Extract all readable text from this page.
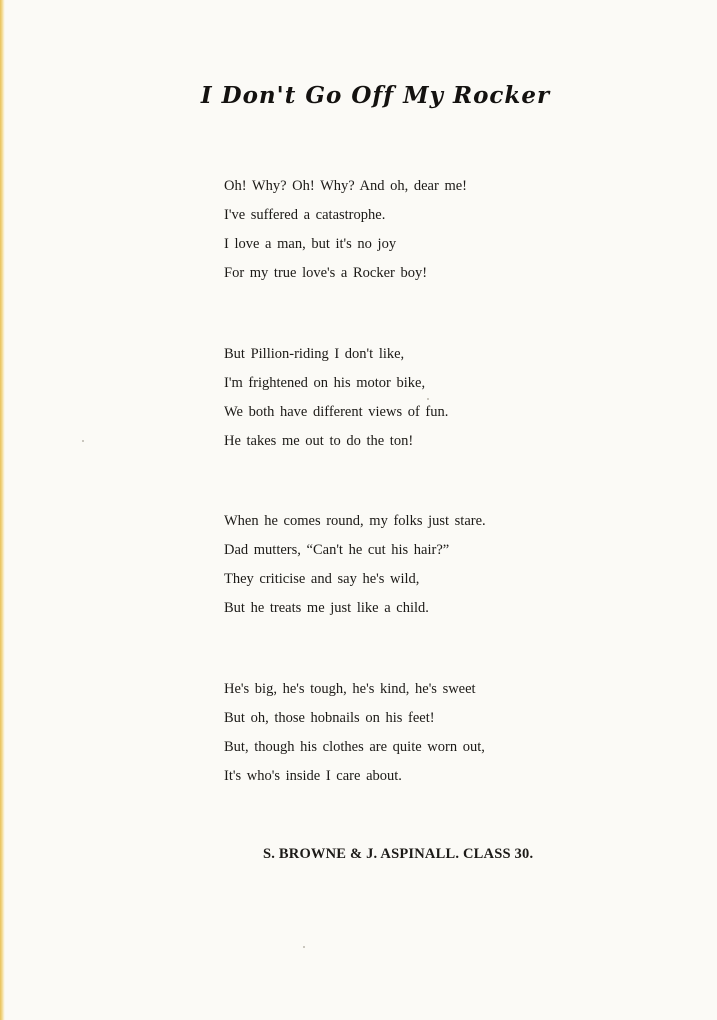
I Don't Go Off My Rocker
Oh! Why? Oh! Why? And oh, dear me!
I've suffered a catastrophe.
I love a man, but it's no joy
For my true love's a Rocker boy!
But Pillion-riding I don't like,
I'm frightened on his motor bike,
We both have different views of fun.
He takes me out to do the ton!
When he comes round, my folks just stare.
Dad mutters, “Can't he cut his hair?”
They criticise and say he's wild,
But he treats me just like a child.
He's big, he's tough, he's kind, he's sweet
But oh, those hobnails on his feet!
But, though his clothes are quite worn out,
It's who's inside I care about.
S. BROWNE & J. ASPINALL. CLASS 30.
